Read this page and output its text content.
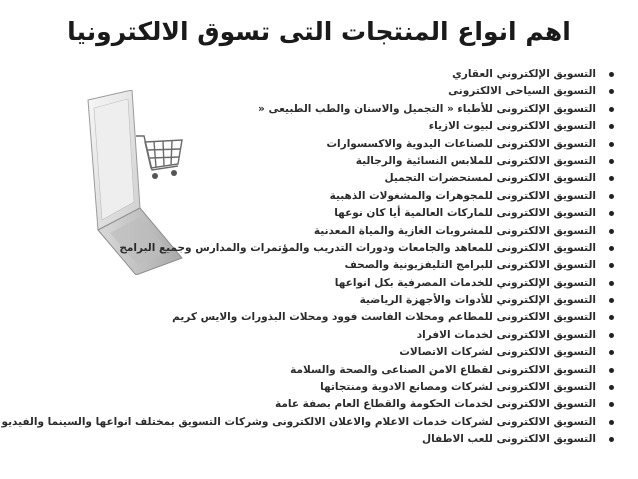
اهم انواع المنتجات التى تسوق الالكترونيا
التسويق الإلكتروني العقاري
التسويق السياحى الالكترونى
التسويق الإلكترونى للأطباء « التجميل والاسنان والطب الطبيعى «
التسويق الالكترونى لبيوت الازياء
التسويق الالكترونى للصناعات اليدوية والاكسسوارات
التسويق الالكترونى للملابس النسائية والرجالية
التسويق الالكترونى لمستحضرات التجميل
التسويق الالكترونى للمجوهرات والمشغولات الذهبية
التسويق الالكترونى للماركات العالمية أيا كان نوعها
التسويق الالكترونى للمشروبات الغازية والمياة المعدنية
التسويق الالكترونى للمعاهد والجامعات ودورات التدريب والمؤتمرات والمدارس وجميع البرامج
التسويق الالكترونى للبرامج التليفزيونية والصحف
التسويق الإلكتروني للخدمات المصرفية بكل انواعها
التسويق الإلكتروني للأدوات والأجهزة الرياضية
التسويق الالكترونى للمطاعم ومحلات الفاست فوود ومحلات البذورات والايس كريم
التسويق الالكترونى لخدمات الافراد
التسويق الالكترونى لشركات الاتصالات
التسويق الالكترونى لقطاع الامن الصناعى والصحة والسلامة
التسويق الالكترونى لشركات ومصانع الادوية ومنتجاتها
التسويق الالكترونى لخدمات الحكومة والقطاع العام بصفة عامة
التسويق الالكترونى لشركات خدمات الاعلام والاعلان الالكترونى وشركات التسويق بمختلف انواعها والسينما والفيديو
التسويق الالكترونى للعب الاطفال
